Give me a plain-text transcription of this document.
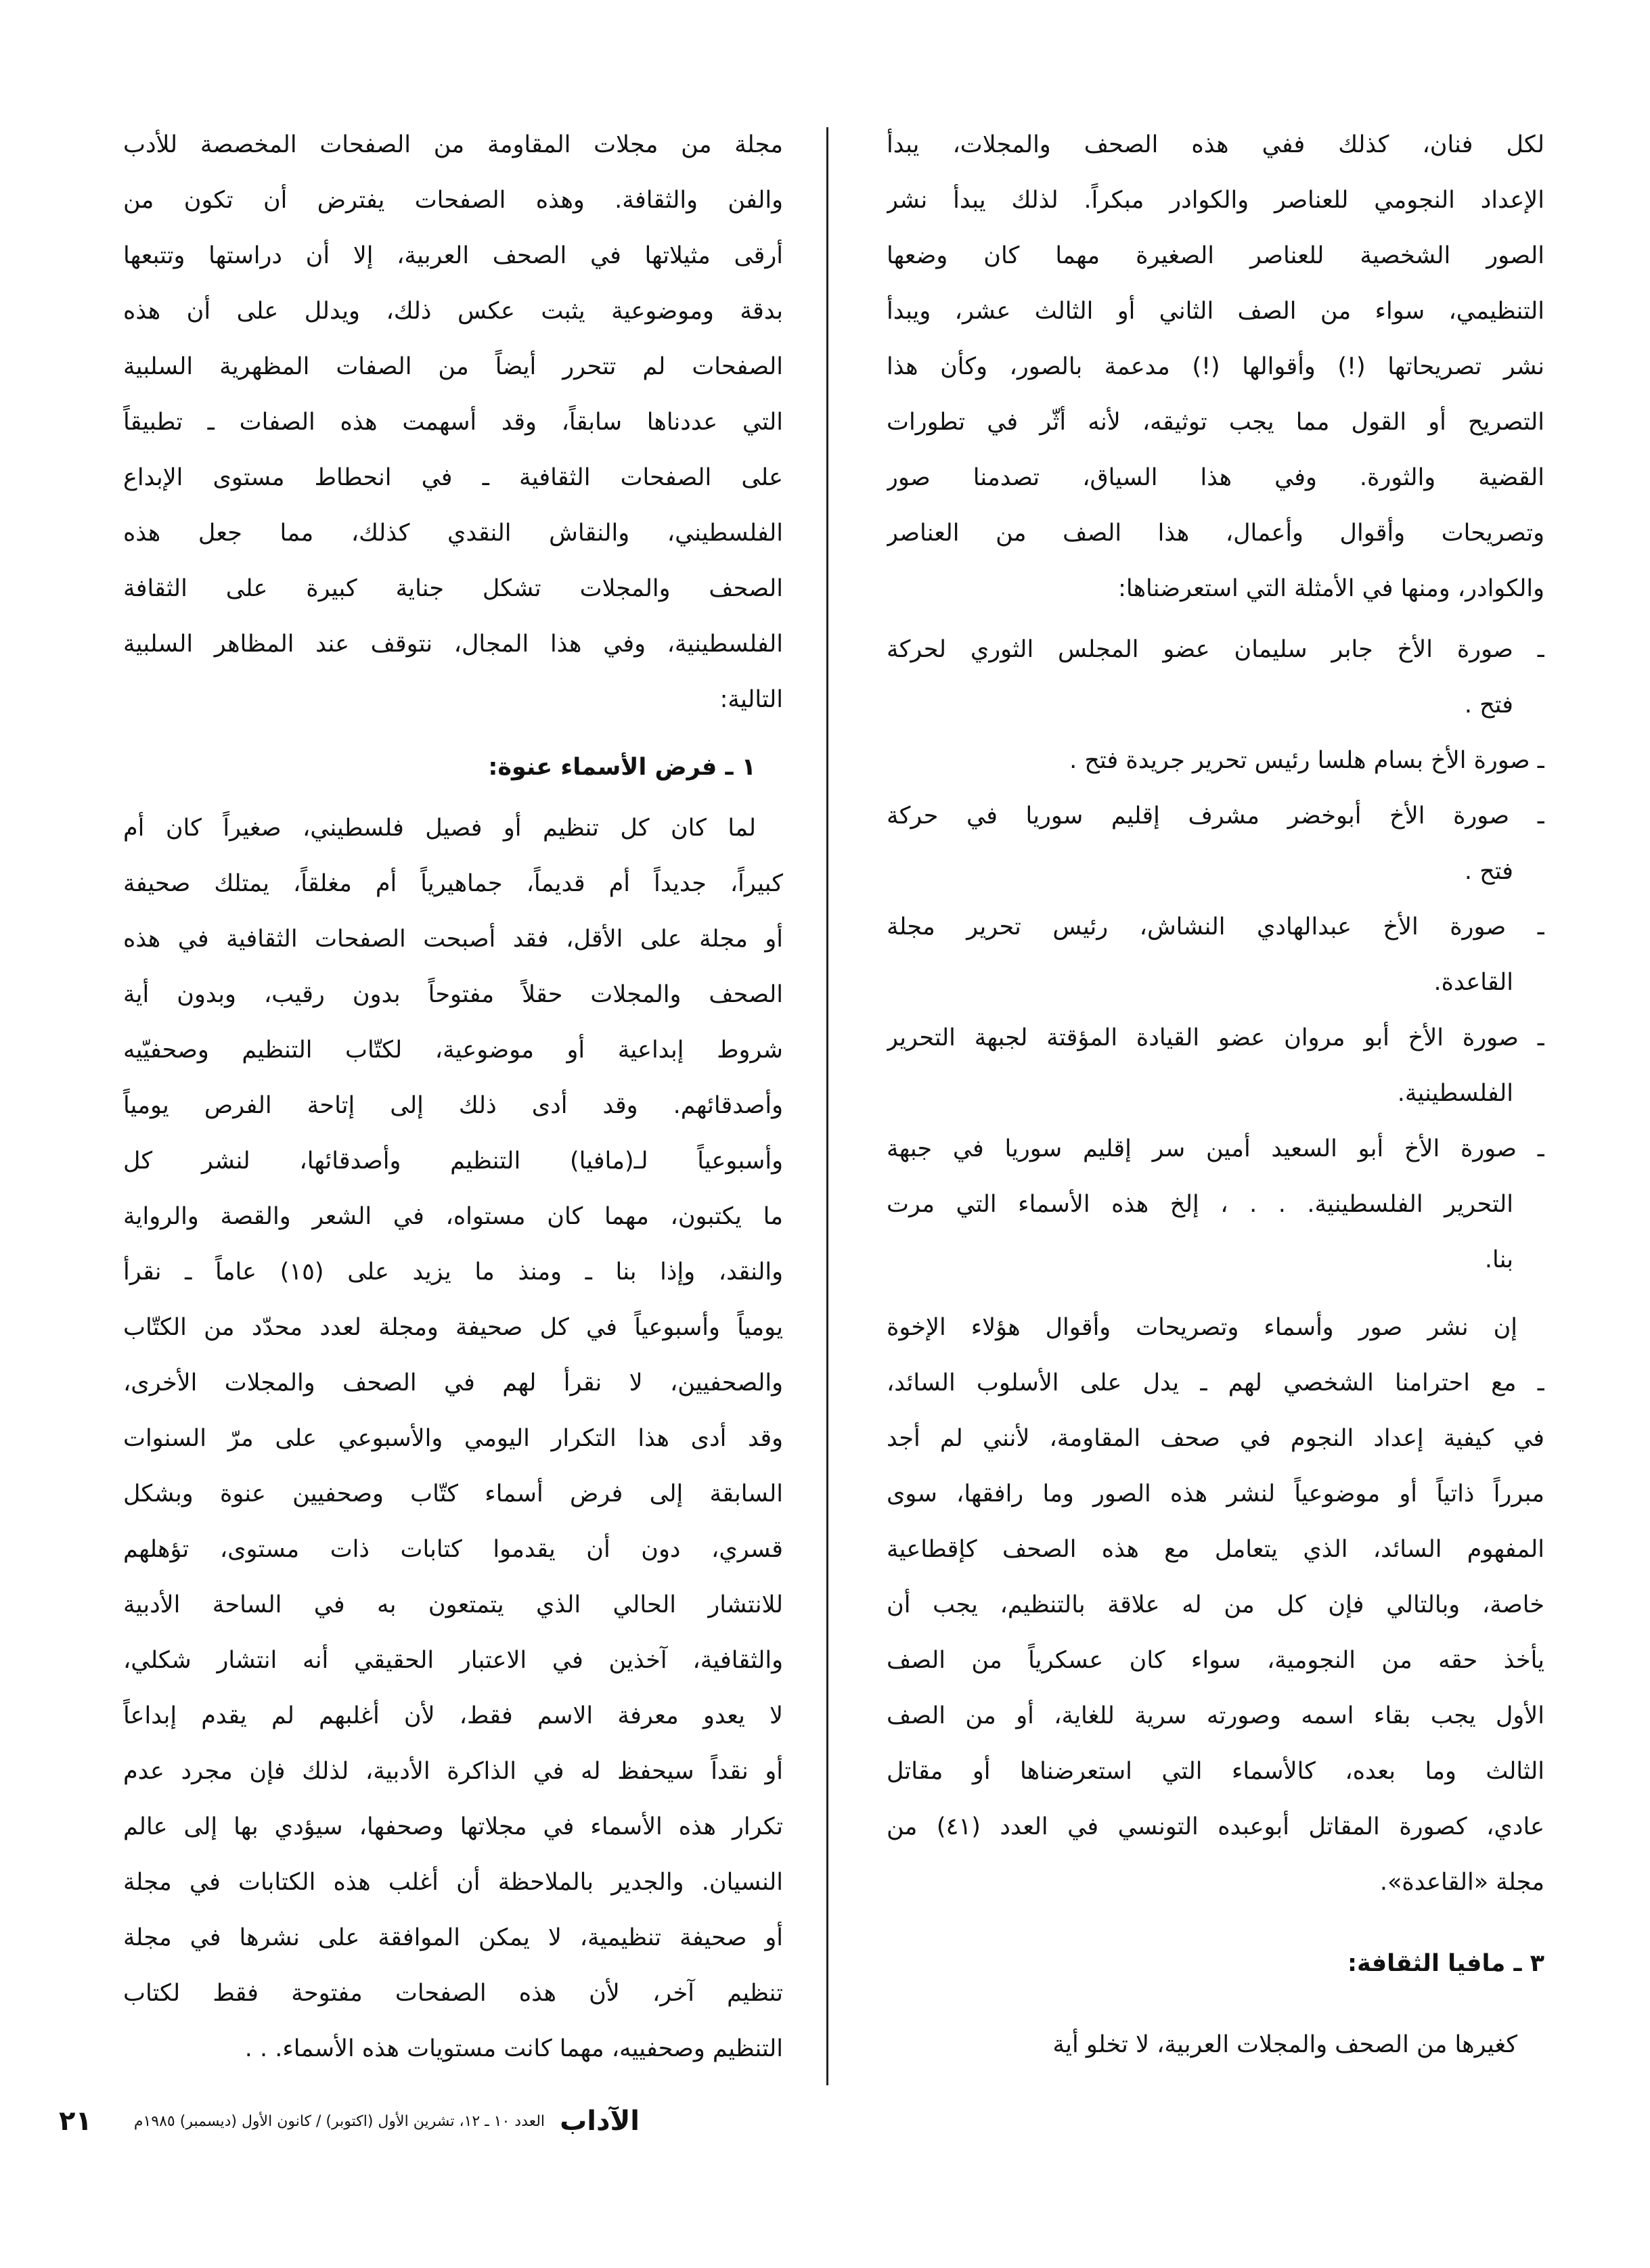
لكل فنان، كذلك ففي هذه الصحف والمجلات، يبدأ
الإعداد النجومي للعناصر والكوادر مبكراً. لذلك يبدأ نشر
الصور الشخصية للعناصر الصغيرة مهما كان وضعها
التنظيمي، سواء من الصف الثاني أو الثالث عشر، ويبدأ
نشر تصريحاتها (!) وأقوالها (!) مدعمة بالصور، وكأن هذا
التصريح أو القول مما يجب توثيقه، لأنه أثّر في تطورات
القضية والثورة. وفي هذا السياق، تصدمنا صور
وتصريحات وأقوال وأعمال، هذا الصف من العناصر
والكوادر، ومنها في الأمثلة التي استعرضناها:
ـ صورة الأخ جابر سليمان عضو المجلس الثوري لحركة
فتح .
ـ صورة الأخ بسام هلسا رئيس تحرير جريدة فتح .
ـ صورة الأخ أبوخضر مشرف إقليم سوريا في حركة
فتح .
ـ صورة الأخ عبدالهادي النشاش، رئيس تحرير مجلة
القاعدة.
ـ صورة الأخ أبو مروان عضو القيادة المؤقتة لجبهة التحرير
الفلسطينية.
ـ صورة الأخ أبو السعيد أمين سر إقليم سوريا في جبهة
التحرير الفلسطينية. . . ، إلخ هذه الأسماء التي مرت
بنا.
إن نشر صور وأسماء وتصريحات وأقوال هؤلاء الإخوة
ـ مع احترامنا الشخصي لهم ـ يدل على الأسلوب السائد،
في كيفية إعداد النجوم في صحف المقاومة، لأنني لم أجد
مبرراً ذاتياً أو موضوعياً لنشر هذه الصور وما رافقها، سوى
المفهوم السائد، الذي يتعامل مع هذه الصحف كإقطاعية
خاصة، وبالتالي فإن كل من له علاقة بالتنظيم، يجب أن
يأخذ حقه من النجومية، سواء كان عسكرياً من الصف
الأول يجب بقاء اسمه وصورته سرية للغاية، أو من الصف
الثالث وما بعده، كالأسماء التي استعرضناها أو مقاتل
عادي، كصورة المقاتل أبوعبده التونسي في العدد (٤١) من
مجلة «القاعدة».
٣ ـ مافيا الثقافة:
كغيرها من الصحف والمجلات العربية، لا تخلو أية
مجلة من مجلات المقاومة من الصفحات المخصصة للأدب
والفن والثقافة. وهذه الصفحات يفترض أن تكون من
أرقى مثيلاتها في الصحف العربية، إلا أن دراستها وتتبعها
بدقة وموضوعية يثبت عكس ذلك، ويدلل على أن هذه
الصفحات لم تتحرر أيضاً من الصفات المظهرية السلبية
التي عددناها سابقاً، وقد أسهمت هذه الصفات ـ تطبيقاً
على الصفحات الثقافية ـ في انحطاط مستوى الإبداع
الفلسطيني، والنقاش النقدي كذلك، مما جعل هذه
الصحف والمجلات تشكل جناية كبيرة على الثقافة
الفلسطينية، وفي هذا المجال، نتوقف عند المظاهر السلبية
التالية:
١ ـ فرض الأسماء عنوة:
لما كان كل تنظيم أو فصيل فلسطيني، صغيراً كان أم
كبيراً، جديداً أم قديماً، جماهيرياً أم مغلقاً، يمتلك صحيفة
أو مجلة على الأقل، فقد أصبحت الصفحات الثقافية في هذه
الصحف والمجلات حقلاً مفتوحاً بدون رقيب، وبدون أية
شروط إبداعية أو موضوعية، لكتّاب التنظيم وصحفيّيه
وأصدقائهم. وقد أدى ذلك إلى إتاحة الفرص يومياً
وأسبوعياً لـ(مافيا) التنظيم وأصدقائها، لنشر كل
ما يكتبون، مهما كان مستواه، في الشعر والقصة والرواية
والنقد، وإذا بنا ـ ومنذ ما يزيد على (١٥) عاماً ـ نقرأ
يومياً وأسبوعياً في كل صحيفة ومجلة لعدد محدّد من الكتّاب
والصحفيين، لا نقرأ لهم في الصحف والمجلات الأخرى،
وقد أدى هذا التكرار اليومي والأسبوعي على مرّ السنوات
السابقة إلى فرض أسماء كتّاب وصحفيين عنوة وبشكل
قسري، دون أن يقدموا كتابات ذات مستوى، تؤهلهم
للانتشار الحالي الذي يتمتعون به في الساحة الأدبية
والثقافية، آخذين في الاعتبار الحقيقي أنه انتشار شكلي،
لا يعدو معرفة الاسم فقط، لأن أغلبهم لم يقدم إبداعاً
أو نقداً سيحفظ له في الذاكرة الأدبية، لذلك فإن مجرد عدم
تكرار هذه الأسماء في مجلاتها وصحفها، سيؤدي بها إلى عالم
النسيان. والجدير بالملاحظة أن أغلب هذه الكتابات في مجلة
أو صحيفة تنظيمية، لا يمكن الموافقة على نشرها في مجلة
تنظيم آخر، لأن هذه الصفحات مفتوحة فقط لكتاب
التنظيم وصحفييه، مهما كانت مستويات هذه الأسماء. . .
الآداب
العدد ١٠ ـ ١٢، تشرين الأول (اكتوبر) / كانون الأول (ديسمبر) ١٩٨٥م
٢١
